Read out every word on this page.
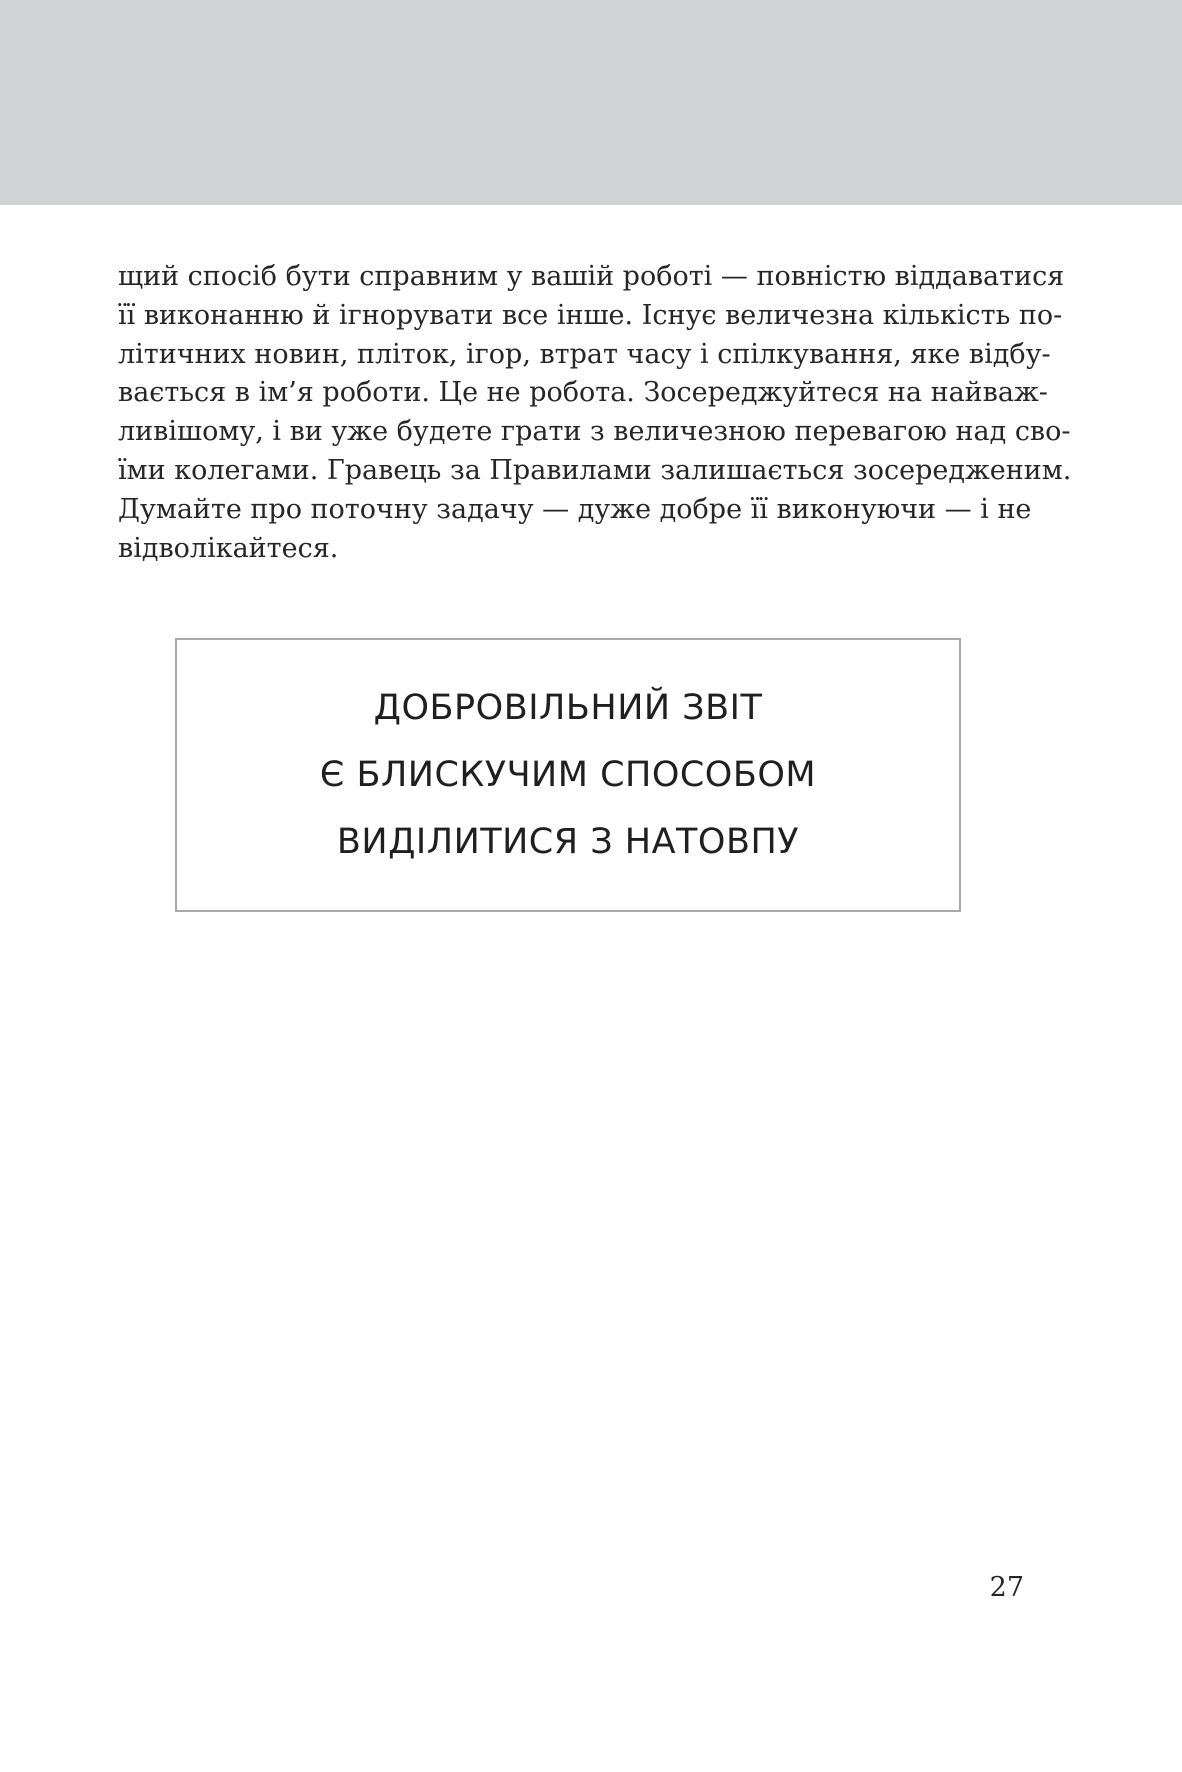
щий спосіб бути справним у вашій роботі — повністю віддаватися
її виконанню й ігнорувати все інше. Існує величезна кількість по-
літичних новин, пліток, ігор, втрат часу і спілкування, яке відбу-
вається в ім’я роботи. Це не робота. Зосереджуйтеся на найваж-
ливішому, і ви уже будете грати з величезною перевагою над сво-
їми колегами. Гравець за Правилами залишається зосередженим.
Думайте про поточну задачу — дуже добре її виконуючи — і не
відволікайтеся.
ДОБРОВІЛЬНИЙ ЗВІТ
Є БЛИСКУЧИМ СПОСОБОМ
ВИДІЛИТИСЯ З НАТОВПУ
27
